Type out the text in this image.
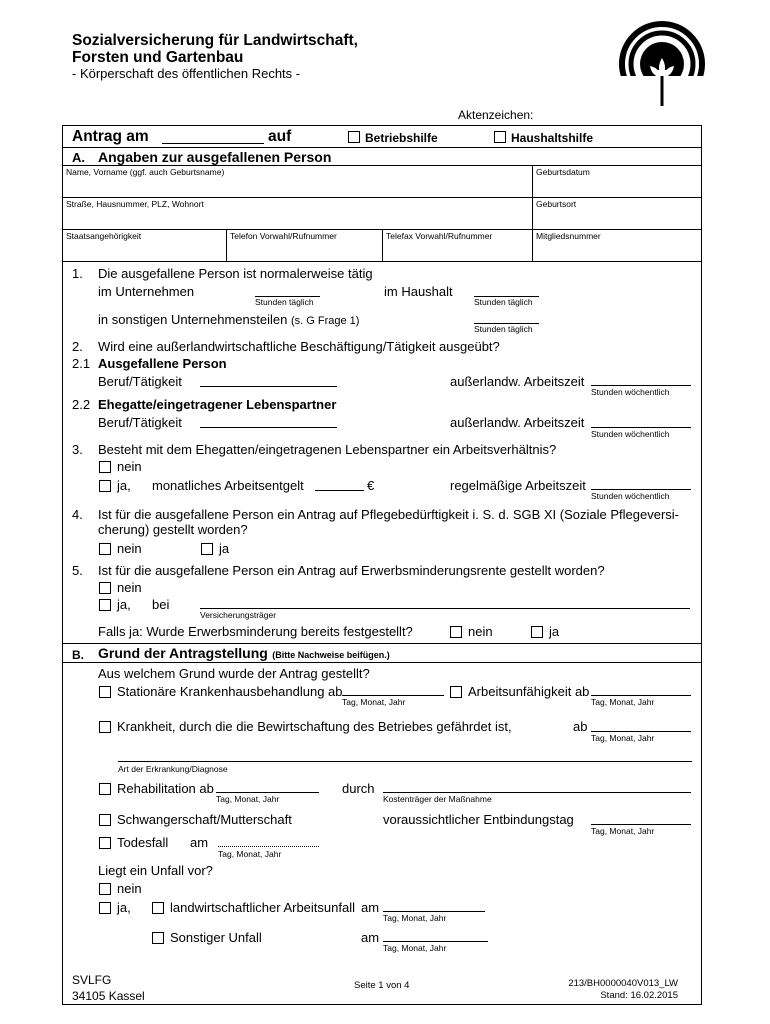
Sozialversicherung für Landwirtschaft,
Forsten und Gartenbau
- Körperschaft des öffentlichen Rechts -
Aktenzeichen:
Antrag am	auf	Betriebshilfe	Haushaltshilfe
A. Angaben zur ausgefallenen Person
Name, Vorname (ggf. auch Geburtsname)	Geburtsdatum
Straße, Hausnummer, PLZ, Wohnort	Geburtsort
Staatsangehörigkeit	Telefon Vorwahl/Rufnummer	Telefax Vorwahl/Rufnummer	Mitgliedsnummer
1. Die ausgefallene Person ist normalerweise tätig
im Unternehmen
Stunden täglich
im Haushalt
Stunden täglich
in sonstigen Unternehmensteilen (s. G Frage 1)
Stunden täglich
2. Wird eine außerlandwirtschaftliche Beschäftigung/Tätigkeit ausgeübt?
2.1 Ausgefallene Person
Beruf/Tätigkeit	außerlandw. Arbeitszeit
Stunden wöchentlich
2.2 Ehegatte/eingetragener Lebenspartner
Beruf/Tätigkeit	außerlandw. Arbeitszeit
Stunden wöchentlich
3. Besteht mit dem Ehegatten/eingetragenen Lebenspartner ein Arbeitsverhältnis?
nein
ja, monatliches Arbeitsentgelt	€	regelmäßige Arbeitszeit
Stunden wöchentlich
4. Ist für die ausgefallene Person ein Antrag auf Pflegebedürftigkeit i. S. d. SGB XI (Soziale Pflegeversi-
cherung) gestellt worden?
nein	ja
5. Ist für die ausgefallene Person ein Antrag auf Erwerbsminderungsrente gestellt worden?
nein
ja, bei
Versicherungsträger
Falls ja: Wurde Erwerbsminderung bereits festgestellt?	nein	ja
B. Grund der Antragstellung (Bitte Nachweise beifügen.)
Aus welchem Grund wurde der Antrag gestellt?
Stationäre Krankenhausbehandlung ab
Tag, Monat, Jahr
Arbeitsunfähigkeit ab
Tag, Monat, Jahr
Krankheit, durch die die Bewirtschaftung des Betriebes gefährdet ist,	ab
Tag, Monat, Jahr
Art der Erkrankung/Diagnose
Rehabilitation ab
Tag, Monat, Jahr
durch
Kostenträger der Maßnahme
Schwangerschaft/Mutterschaft	voraussichtlicher Entbindungstag
Tag, Monat, Jahr
Todesfall am
Tag, Monat, Jahr
Liegt ein Unfall vor?
nein
ja,	landwirtschaftlicher Arbeitsunfall am
Tag, Monat, Jahr
Sonstiger Unfall	am
Tag, Monat, Jahr
SVLFG
34105 Kassel
Seite 1 von 4	213/BH0000040V013_LW
Stand: 16.02.2015
